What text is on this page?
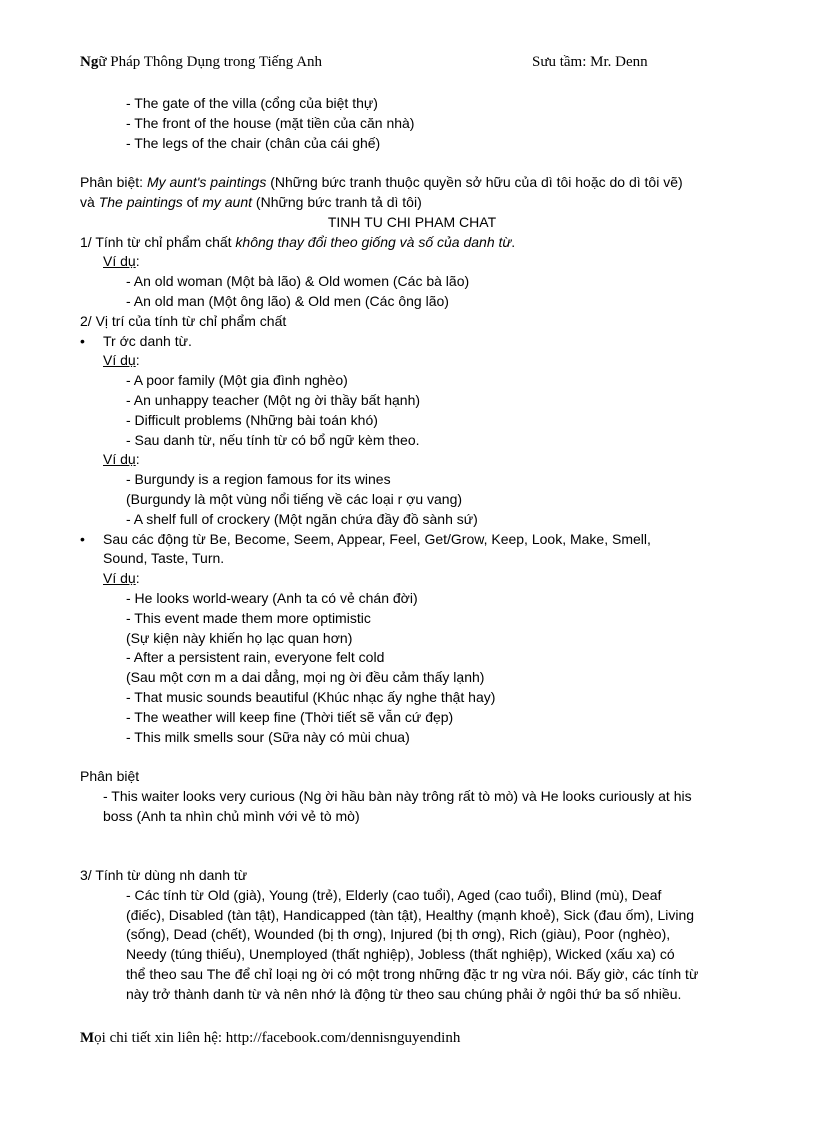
Ngữ Pháp Thông Dụng trong Tiếng Anh	Sưu tầm: Mr. Denn
- The gate of the villa (cổng của biệt thự)
- The front of the house (mặt tiền của căn nhà)
- The legs of the chair (chân của cái ghế)
Phân biệt: My aunt's paintings (Những bức tranh thuộc quyền sở hữu của dì tôi hoặc do dì tôi vẽ)
và The paintings of my aunt (Những bức tranh tả dì tôi)
TINH TU CHI PHAM CHAT
1/ Tính từ chỉ phẩm chất không thay đổi theo giống và số của danh từ.
Ví dụ:
- An old woman (Một bà lão) & Old women (Các bà lão)
- An old man (Một ông lão) & Old men (Các ông lão)
2/ Vị trí của tính từ chỉ phẩm chất
• Tr ớc danh từ.
Ví dụ:
- A poor family (Một gia đình nghèo)
- An unhappy teacher (Một ng ời thầy bất hạnh)
- Difficult problems (Những bài toán khó)
- Sau danh từ, nếu tính từ có bổ ngữ kèm theo.
Ví dụ:
- Burgundy is a region famous for its wines
(Burgundy là một vùng nổi tiếng về các loại r ợu vang)
- A shelf full of crockery (Một ngăn chứa đầy đồ sành sứ)
• Sau các động từ Be, Become, Seem, Appear, Feel, Get/Grow, Keep, Look, Make, Smell,
Sound, Taste, Turn.
Ví dụ:
- He looks world-weary (Anh ta có vẻ chán đời)
- This event made them more optimistic
(Sự kiện này khiến họ lạc quan hơn)
- After a persistent rain, everyone felt cold
(Sau một cơn m a dai dẳng, mọi ng ời đều cảm thấy lạnh)
- That music sounds beautiful (Khúc nhạc ấy nghe thật hay)
- The weather will keep fine (Thời tiết sẽ vẫn cứ đẹp)
- This milk smells sour (Sữa này có mùi chua)
Phân biệt
- This waiter looks very curious (Ng ời hầu bàn này trông rất tò mò) và He looks curiously at his
boss (Anh ta nhìn chủ mình với vẻ tò mò)
3/ Tính từ dùng nh danh từ
- Các tính từ Old (già), Young (trẻ), Elderly (cao tuổi), Aged (cao tuổi), Blind (mù), Deaf
(điếc), Disabled (tàn tật), Handicapped (tàn tật), Healthy (mạnh khoẻ), Sick (đau ốm), Living
(sống), Dead (chết), Wounded (bị th ơng), Injured (bị th ơng), Rich (giàu), Poor (nghèo),
Needy (túng thiếu), Unemployed (thất nghiệp), Jobless (thất nghiệp), Wicked (xấu xa) có
thể theo sau The để chỉ loại ng ời có một trong những đặc tr ng vừa nói. Bấy giờ, các tính từ
này trở thành danh từ và nên nhớ là động từ theo sau chúng phải ở ngôi thứ ba số nhiều.
Mọi chi tiết xin liên hệ: http://facebook.com/dennisnguyendinh
